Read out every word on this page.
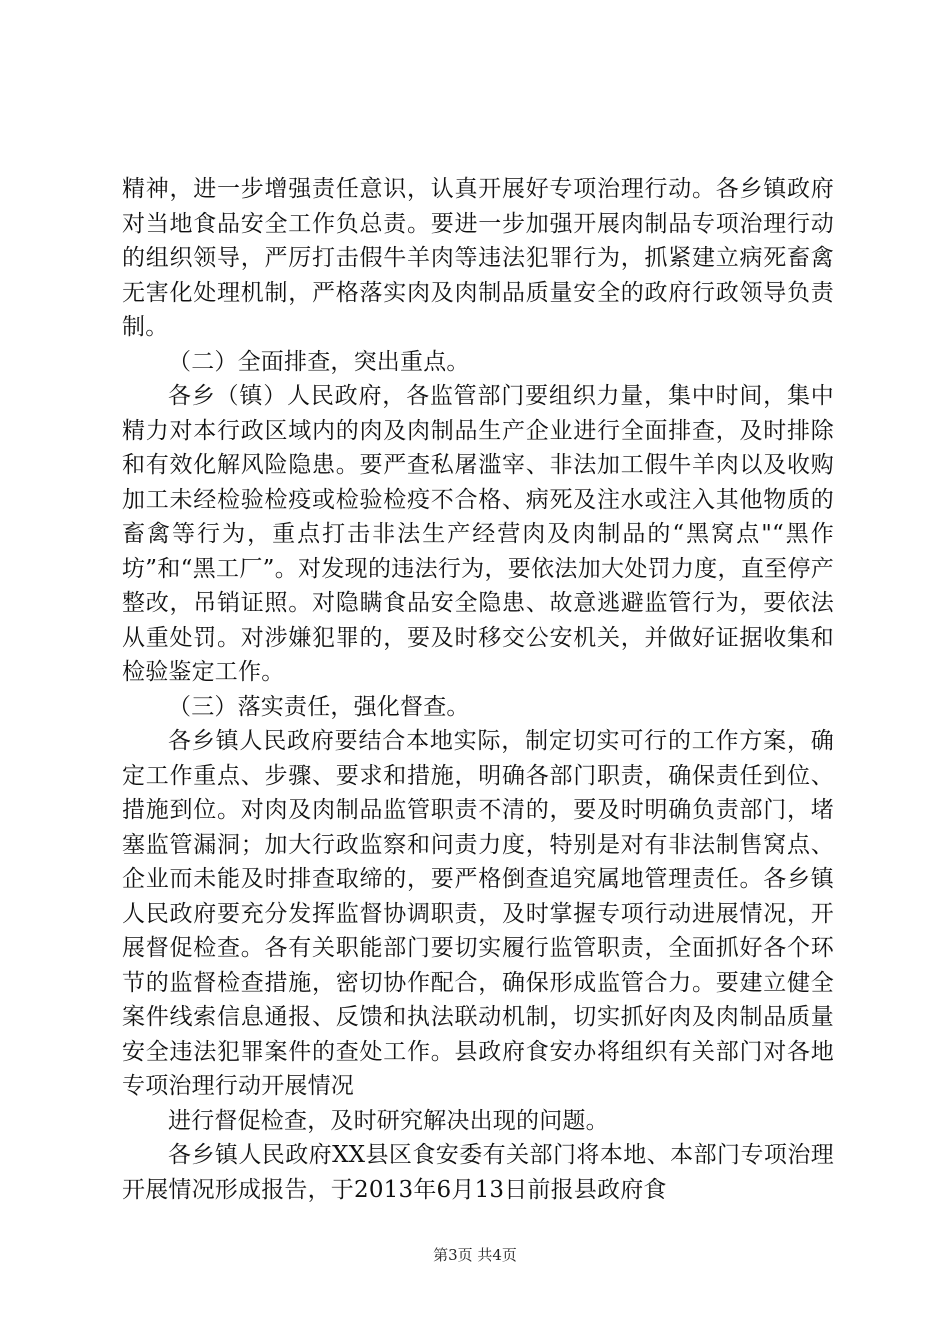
精神，进一步增强责任意识，认真开展好专项治理行动。各乡镇政府对当地食品安全工作负总责。要进一步加强开展肉制品专项治理行动的组织领导，严厉打击假牛羊肉等违法犯罪行为，抓紧建立病死畜禽无害化处理机制，严格落实肉及肉制品质量安全的政府行政领导负责制。

（二）全面排查，突出重点。

各乡（镇）人民政府，各监管部门要组织力量，集中时间，集中精力对本行政区域内的肉及肉制品生产企业进行全面排查，及时排除和有效化解风险隐患。要严查私屠滥宰、非法加工假牛羊肉以及收购加工未经检验检疫或检验检疫不合格、病死及注水或注入其他物质的畜禽等行为，重点打击非法生产经营肉及肉制品的“黑窝点"“黑作坊”和“黑工厂”。对发现的违法行为，要依法加大处罚力度，直至停产整改，吊销证照。对隐瞒食品安全隐患、故意逃避监管行为，要依法从重处罚。对涉嫌犯罪的，要及时移交公安机关，并做好证据收集和检验鉴定工作。

（三）落实责任，强化督查。

各乡镇人民政府要结合本地实际，制定切实可行的工作方案，确定工作重点、步骤、要求和措施，明确各部门职责，确保责任到位、措施到位。对肉及肉制品监管职责不清的，要及时明确负责部门，堵塞监管漏洞；加大行政监察和问责力度，特别是对有非法制售窝点、企业而未能及时排查取缔的，要严格倒查追究属地管理责任。各乡镇人民政府要充分发挥监督协调职责，及时掌握专项行动进展情况，开展督促检查。各有关职能部门要切实履行监管职责，全面抓好各个环节的监督检查措施，密切协作配合，确保形成监管合力。要建立健全案件线索信息通报、反馈和执法联动机制，切实抓好肉及肉制品质量安全违法犯罪案件的查处工作。县政府食安办将组织有关部门对各地专项治理行动开展情况

进行督促检查，及时研究解决出现的问题。

各乡镇人民政府XX县区食安委有关部门将本地、本部门专项治理开展情况形成报告，于2013年6月13日前报县政府食

第3页 共4页
